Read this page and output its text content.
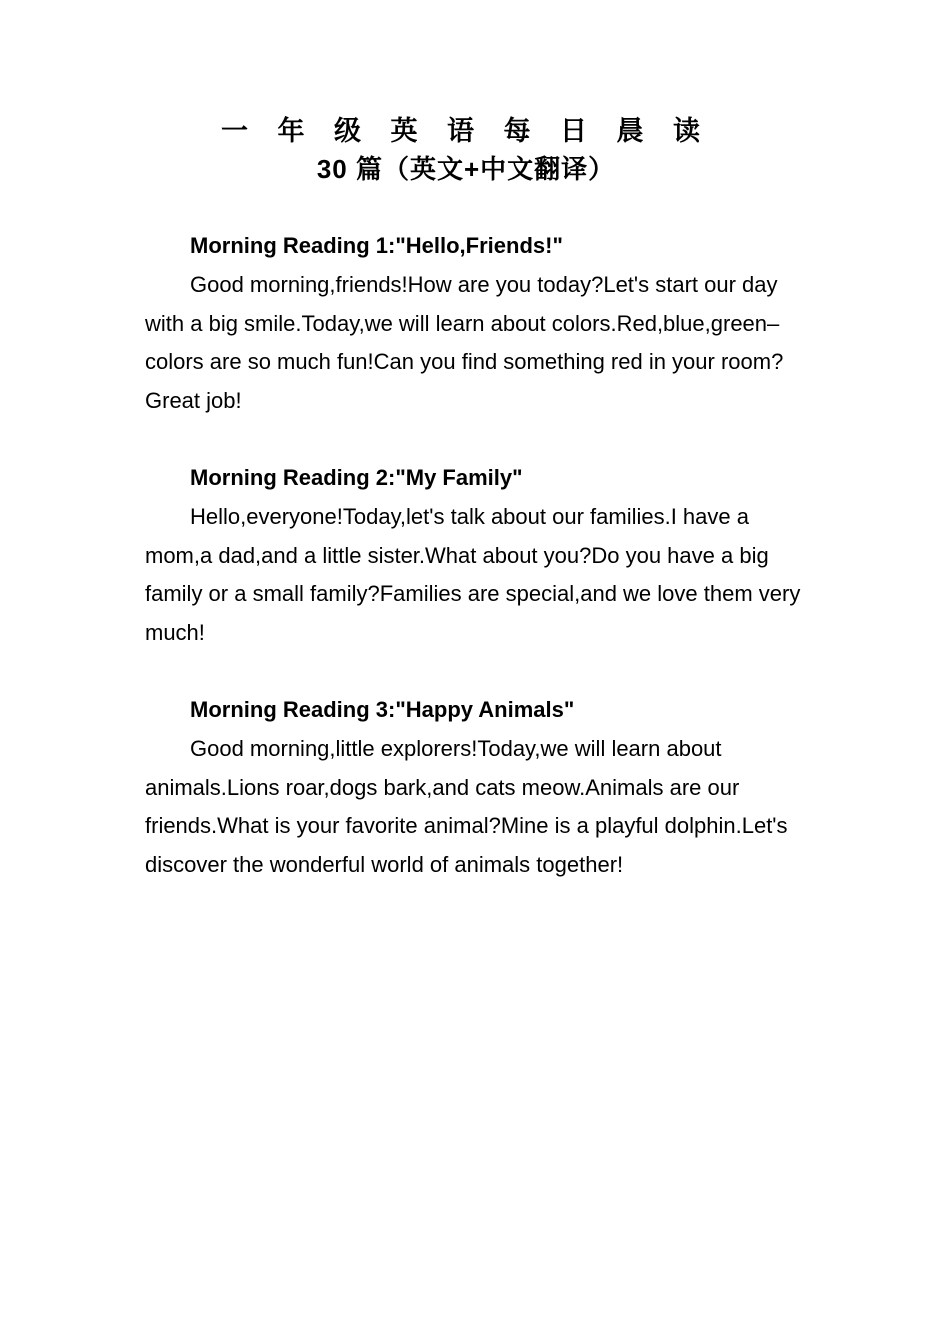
一 年 级 英 语 每 日 晨 读
30 篇（英文+中文翻译）
Morning Reading 1:"Hello,Friends!"

Good morning,friends!How are you today?Let's start our day with a big smile.Today,we will learn about colors.Red,blue,green–colors are so much fun!Can you find something red in your room?Great job!

Morning Reading 2:"My Family"

Hello,everyone!Today,let's talk about our families.I have a mom,a dad,and a little sister.What about you?Do you have a big family or a small family?Families are special,and we love them very much!

Morning Reading 3:"Happy Animals"

Good morning,little explorers!Today,we will learn about animals.Lions roar,dogs bark,and cats meow.Animals are our friends.What is your favorite animal?Mine is a playful dolphin.Let's discover the wonderful world of animals together!
